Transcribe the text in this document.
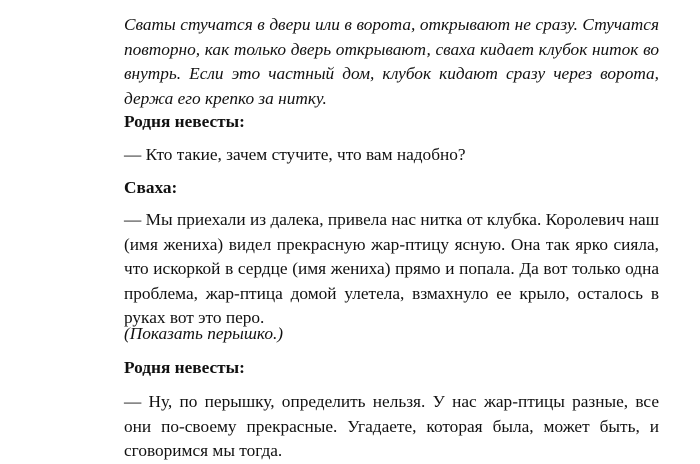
Сваты стучатся в двери или в ворота, открывают не сразу. Стучатся повторно, как только дверь открывают, сваха кидает клубок ниток во внутрь. Если это частный дом, клубок кидают сразу через ворота, держа его крепко за нитку.
Родня невесты:
— Кто такие, зачем стучите, что вам надобно?
Сваха:
— Мы приехали из далека, привела нас нитка от клубка. Королевич наш (имя жениха) видел прекрасную жар-птицу ясную. Она так ярко сияла, что искоркой в сердце (имя жениха) прямо и попала. Да вот только одна проблема, жар-птица домой улетела, взмахнуло ее крыло, осталось в руках вот это перо.
(Показать перышко.)
Родня невесты:
— Ну, по перышку, определить нельзя. У нас жар-птицы разные, все они по-своему прекрасные. Угадаете, которая была, может быть, и сговоримся мы тогда.
